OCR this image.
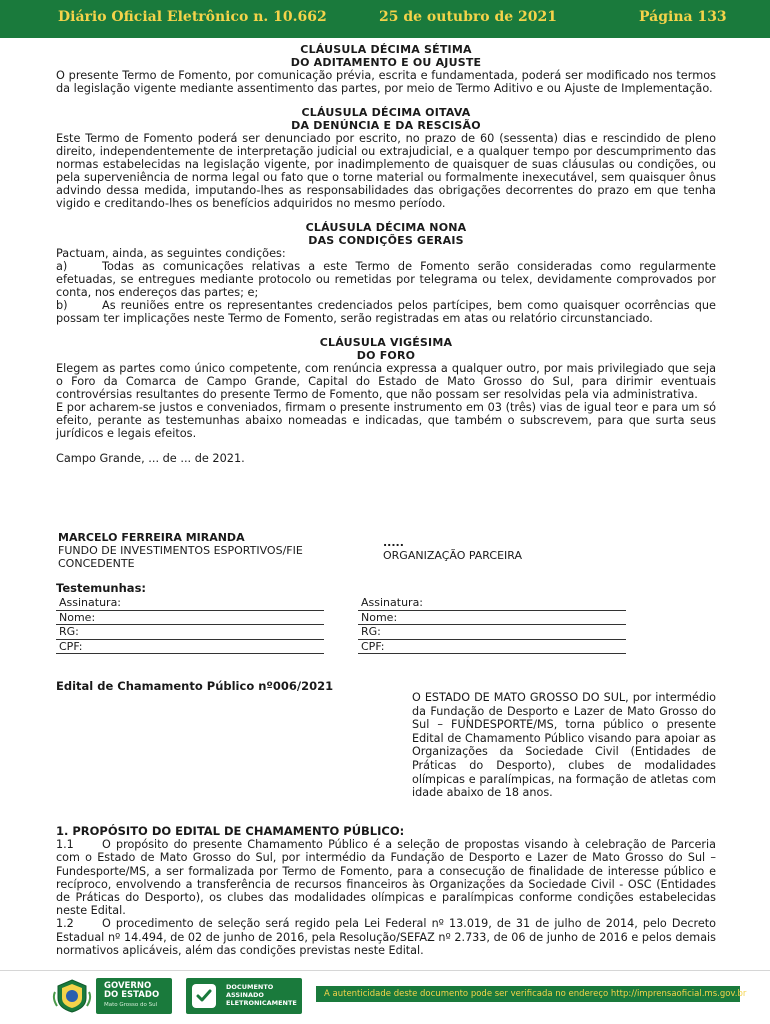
Diário Oficial Eletrônico n. 10.662	25 de outubro de 2021	Página 133
CLÁUSULA DÉCIMA SÉTIMA
DO ADITAMENTO E OU AJUSTE

O presente Termo de Fomento, por comunicação prévia, escrita e fundamentada, poderá ser modificado nos termos da legislação vigente mediante assentimento das partes, por meio de Termo Aditivo e ou Ajuste de Implementação.

CLÁUSULA DÉCIMA OITAVA
DA DENÚNCIA E DA RESCISÃO

Este Termo de Fomento poderá ser denunciado por escrito, no prazo de 60 (sessenta) dias e rescindido de pleno direito, independentemente de interpretação judicial ou extrajudicial, e a qualquer tempo por descumprimento das normas estabelecidas na legislação vigente, por inadimplemento de quaisquer de suas cláusulas ou condições, ou pela superveniência de norma legal ou fato que o torne material ou formalmente inexecutável, sem quaisquer ônus advindo dessa medida, imputando-lhes as responsabilidades das obrigações decorrentes do prazo em que tenha vigido e creditando-lhes os benefícios adquiridos no mesmo período.

CLÁUSULA DÉCIMA NONA
DAS CONDIÇÕES GERAIS

Pactuam, ainda, as seguintes condições:

a)	Todas as comunicações relativas a este Termo de Fomento serão consideradas como regularmente efetuadas, se entregues mediante protocolo ou remetidas por telegrama ou telex, devidamente comprovados por conta, nos endereços das partes; e;

b)	As reuniões entre os representantes credenciados pelos partícipes, bem como quaisquer ocorrências que possam ter implicações neste Termo de Fomento, serão registradas em atas ou relatório circunstanciado.

CLÁUSULA VIGÉSIMA
DO FORO

Elegem as partes como único competente, com renúncia expressa a qualquer outro, por mais privilegiado que seja o Foro da Comarca de Campo Grande, Capital do Estado de Mato Grosso do Sul, para dirimir eventuais controvérsias resultantes do presente Termo de Fomento, que não possam ser resolvidas pela via administrativa.

E por acharem-se justos e conveniados, firmam o presente instrumento em 03 (três) vias de igual teor e para um só efeito, perante as testemunhas abaixo nomeadas e indicadas, que também o subscrevem, para que surta seus jurídicos e legais efeitos.

Campo Grande, ... de ... de 2021.

MARCELO FERREIRA MIRANDA
FUNDO DE INVESTIMENTOS ESPORTIVOS/FIE
CONCEDENTE
.....
ORGANIZAÇÃO PARCEIRA
Testemunhas:
Assinatura:
Nome:
RG:
CPF:
Assinatura:
Nome:
RG:
CPF:
Edital de Chamamento Público nº006/2021

O ESTADO DE MATO GROSSO DO SUL, por intermédio da Fundação de Desporto e Lazer de Mato Grosso do Sul – FUNDESPORTE/MS, torna público o presente Edital de Chamamento Público visando para apoiar as Organizações da Sociedade Civil (Entidades de Práticas do Desporto), clubes de modalidades olímpicas e paralímpicas, na formação de atletas com idade abaixo de 18 anos.

1. PROPÓSITO DO EDITAL DE CHAMAMENTO PÚBLICO:

1.1	O propósito do presente Chamamento Público é a seleção de propostas visando à celebração de Parceria com o Estado de Mato Grosso do Sul, por intermédio da Fundação de Desporto e Lazer de Mato Grosso do Sul – Fundesporte/MS, a ser formalizada por Termo de Fomento, para a consecução de finalidade de interesse público e recíproco, envolvendo a transferência de recursos financeiros às Organizações da Sociedade Civil - OSC (Entidades de Práticas do Desporto), os clubes das modalidades olímpicas e paralímpicas conforme condições estabelecidas neste Edital.

1.2	O procedimento de seleção será regido pela Lei Federal nº 13.019, de 31 de julho de 2014, pelo Decreto Estadual nº 14.494, de 02 de junho de 2016, pela Resolução/SEFAZ nº 2.733, de 06 de junho de 2016 e pelos demais normativos aplicáveis, além das condições previstas neste Edital.

GOVERNO
DO ESTADO
Mato Grosso do Sul
DOCUMENTO
ASSINADO
ELETRONICAMENTE
A autenticidade deste documento pode ser verificada no endereço http://imprensaoficial.ms.gov.br
